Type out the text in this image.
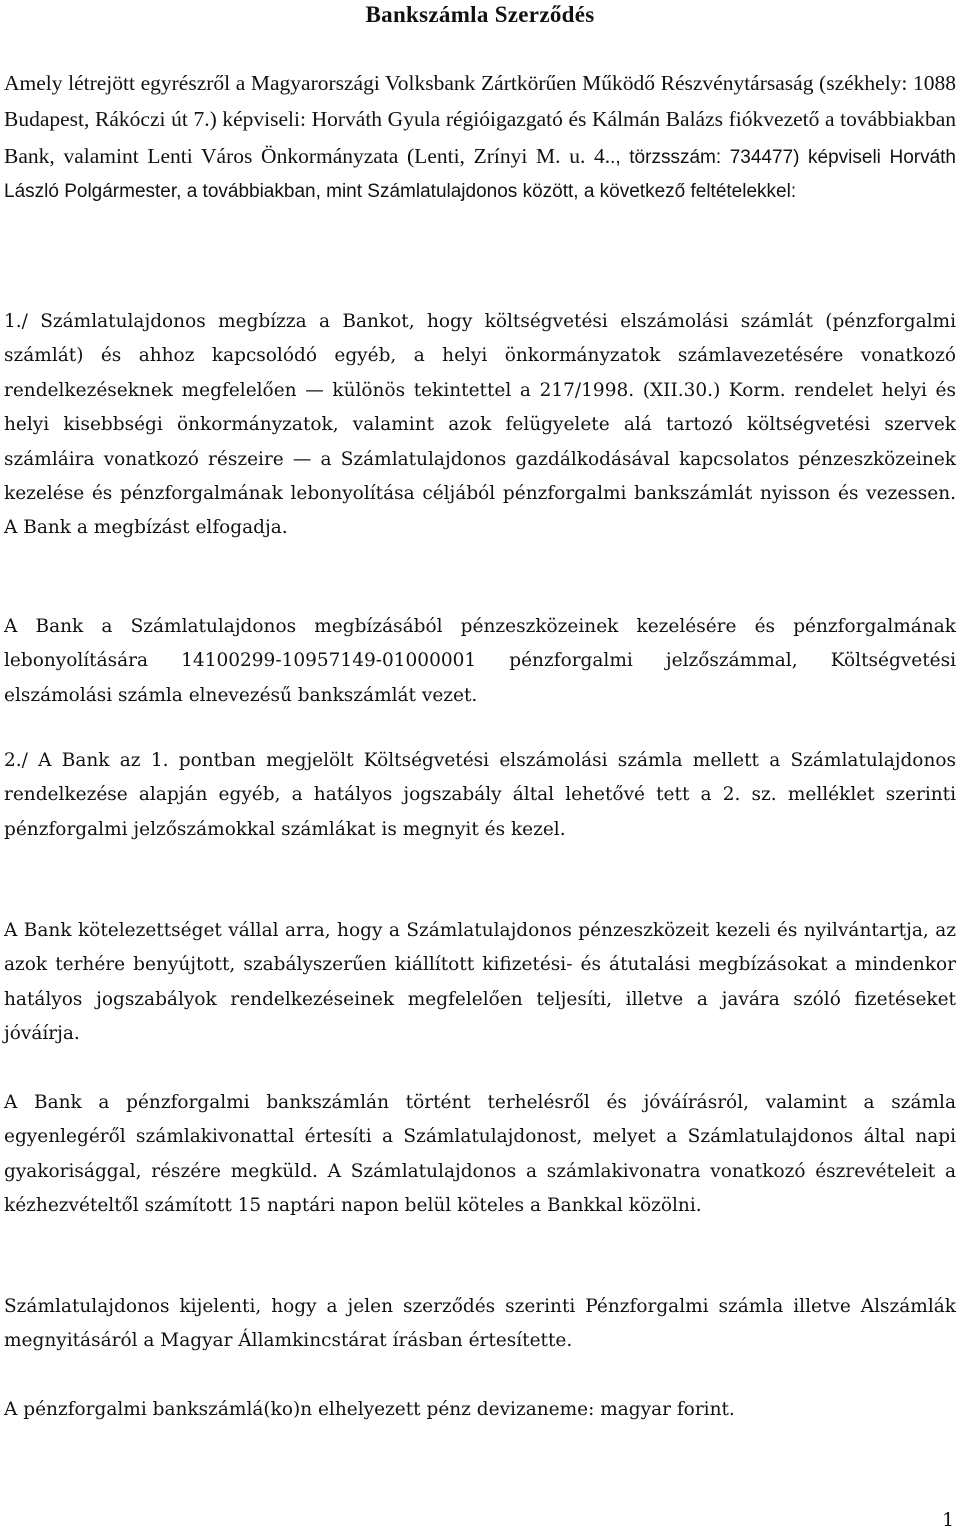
Bankszámla Szerződés

Amely létrejött egyrészről a Magyarországi Volksbank Zártkörűen Működő Részvénytársaság (székhely: 1088 Budapest, Rákóczi út 7.) képviseli: Horváth Gyula régióigazgató és Kálmán Balázs fiókvezető a továbbiakban Bank, valamint Lenti Város Önkormányzata (Lenti, Zrínyi M. u. 4.., törzsszám: 734477) képviseli Horváth László Polgármester, a továbbiakban, mint Számlatulajdonos között, a következő feltételekkel:

1./ Számlatulajdonos megbízza a Bankot, hogy költségvetési elszámolási számlát (pénzforgalmi számlát) és ahhoz kapcsolódó egyéb, a helyi önkormányzatok számlavezetésére vonatkozó rendelkezéseknek megfelelően — különös tekintettel a 217/1998. (XII.30.) Korm. rendelet helyi és helyi kisebbségi önkormányzatok, valamint azok felügyelete alá tartozó költségvetési szervek számláira vonatkozó részeire — a Számlatulajdonos gazdálkodásával kapcsolatos pénzeszközeinek kezelése és pénzforgalmának lebonyolítása céljából pénzforgalmi bankszámlát nyisson és vezessen. A Bank a megbízást elfogadja.

A Bank a Számlatulajdonos megbízásából pénzeszközeinek kezelésére és pénzforgalmának lebonyolítására 14100299-10957149-01000001 pénzforgalmi jelzőszámmal, Költségvetési elszámolási számla elnevezésű bankszámlát vezet.

2./ A Bank az 1. pontban megjelölt Költségvetési elszámolási számla mellett a Számlatulajdonos rendelkezése alapján egyéb, a hatályos jogszabály által lehetővé tett a 2. sz. melléklet szerinti pénzforgalmi jelzőszámokkal számlákat is megnyit és kezel.

A Bank kötelezettséget vállal arra, hogy a Számlatulajdonos pénzeszközeit kezeli és nyilvántartja, az azok terhére benyújtott, szabályszerűen kiállított kifizetési- és átutalási megbízásokat a mindenkor hatályos jogszabályok rendelkezéseinek megfelelően teljesíti, illetve a javára szóló fizetéseket jóváírja.

A Bank a pénzforgalmi bankszámlán történt terhelésről és jóváírásról, valamint a számla egyenlegéről számlakivonattal értesíti a Számlatulajdonost, melyet a Számlatulajdonos által napi gyakorisággal, részére megküld. A Számlatulajdonos a számlakivonatra vonatkozó észrevételeit a kézhezvételtől számított 15 naptári napon belül köteles a Bankkal közölni.

Számlatulajdonos kijelenti, hogy a jelen szerződés szerinti Pénzforgalmi számla illetve Alszámlák megnyitásáról a Magyar Államkincstárat írásban értesítette.

A pénzforgalmi bankszámlá(ko)n elhelyezett pénz devizaneme: magyar forint.

1
